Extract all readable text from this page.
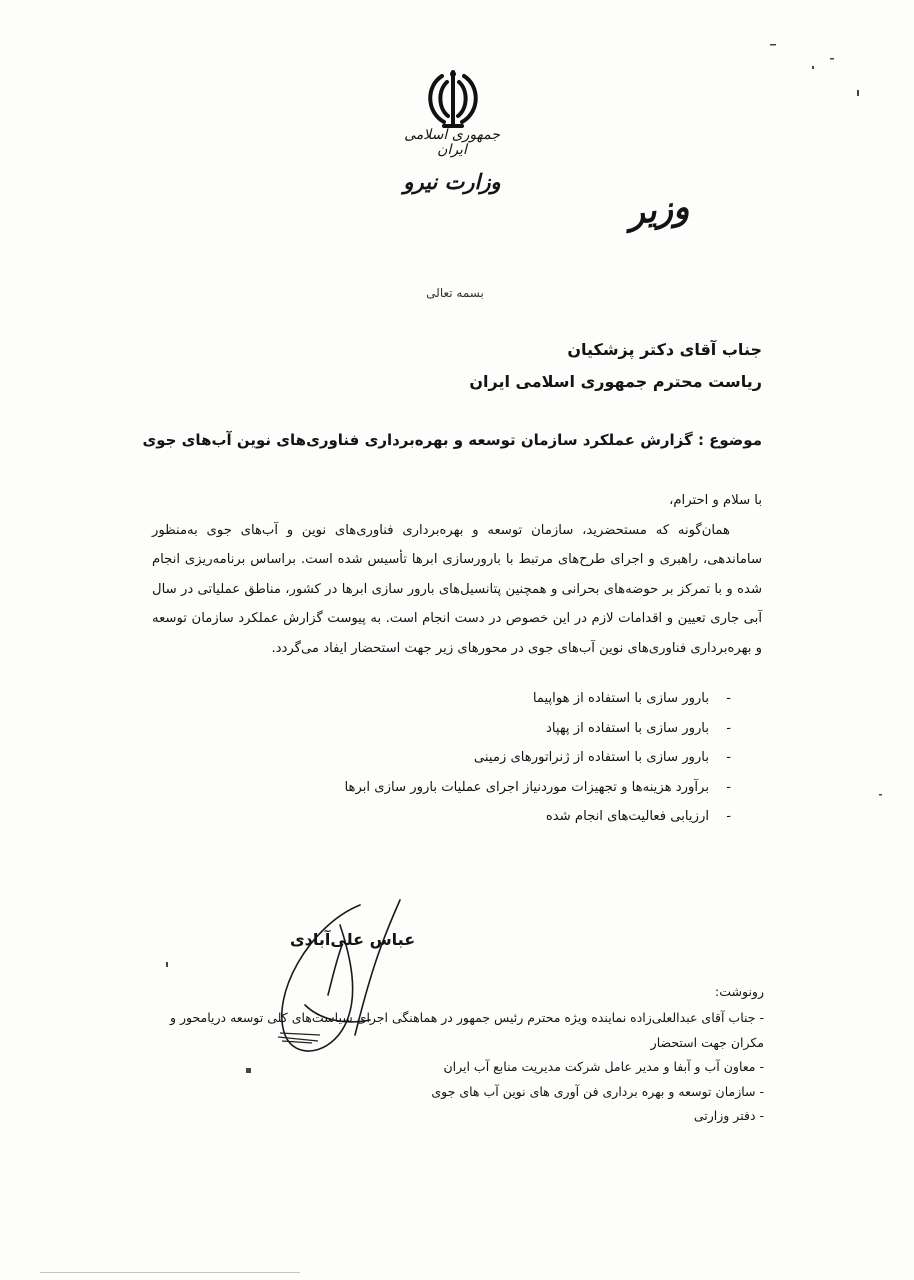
جمهوری اسلامی ایران
وزارت نیرو
وزیر
بسمه تعالی
جناب آقای دکتر پزشکیان
ریاست محترم جمهوری اسلامی ایران
موضوع : گزارش عملکرد سازمان توسعه و بهره‌برداری فناوری‌های نوین آب‌های جوی

با سلام و احترام،

همان‌گونه که مستحضرید، سازمان توسعه و بهره‌برداری فناوری‌های نوین و آب‌های جوی به‌منظور ساماندهی، راهبری و اجرای طرح‌های مرتبط با بارورسازی ابرها تأسیس شده است. براساس برنامه‌ریزی انجام شده و با تمرکز بر حوضه‌های بحرانی و همچنین پتانسیل‌های بارور سازی ابرها در کشور، مناطق عملیاتی در سال آبی جاری تعیین و اقدامات لازم در این خصوص در دست انجام است. به پیوست گزارش عملکرد سازمان توسعه و بهره‌برداری فناوری‌های نوین آب‌های جوی در محورهای زیر جهت استحضار ایفاد می‌گردد.

- بارور سازی با استفاده از هواپیما
- بارور سازی با استفاده از پهپاد
- بارور سازی با استفاده از ژنراتورهای زمینی
- برآورد هزینه‌ها و تجهیزات موردنیاز اجرای عملیات بارور سازی ابرها
- ارزیابی فعالیت‌های انجام شده
عباس علی‌آبادی
رونوشت:
- جناب آقای عبدالعلی‌زاده نماینده ویژه محترم رئیس جمهور در هماهنگی اجرای سیاست‌های کلی توسعه دریامحور و مکران جهت استحضار
- معاون آب و آبفا و مدیر عامل شرکت مدیریت منابع آب ایران
- سازمان توسعه و بهره برداری فن آوری های نوین آب های جوی
- دفتر وزارتی
